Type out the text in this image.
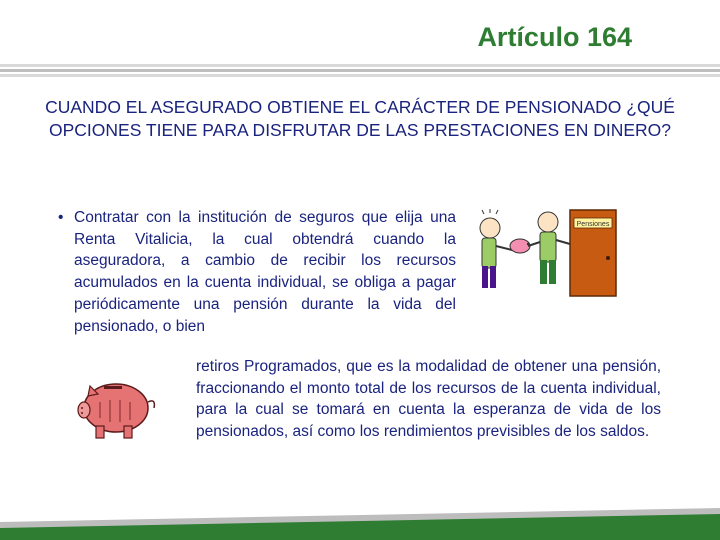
Artículo 164
CUANDO EL ASEGURADO OBTIENE EL CARÁCTER DE PENSIONADO ¿QUÉ OPCIONES TIENE PARA DISFRUTAR DE LAS PRESTACIONES EN DINERO?
• Contratar con la institución de seguros que elija una Renta Vitalicia, la cual obtendrá cuando la aseguradora, a cambio de recibir los recursos acumulados en la cuenta individual, se obliga a pagar periódicamente una pensión durante la vida del pensionado, o bien
Pensiones
retiros Programados, que es la modalidad de obtener una pensión, fraccionando el monto total de los recursos de la cuenta individual, para la cual se tomará en cuenta la esperanza de vida de los pensionados, así como los rendimientos previsibles de los saldos.
